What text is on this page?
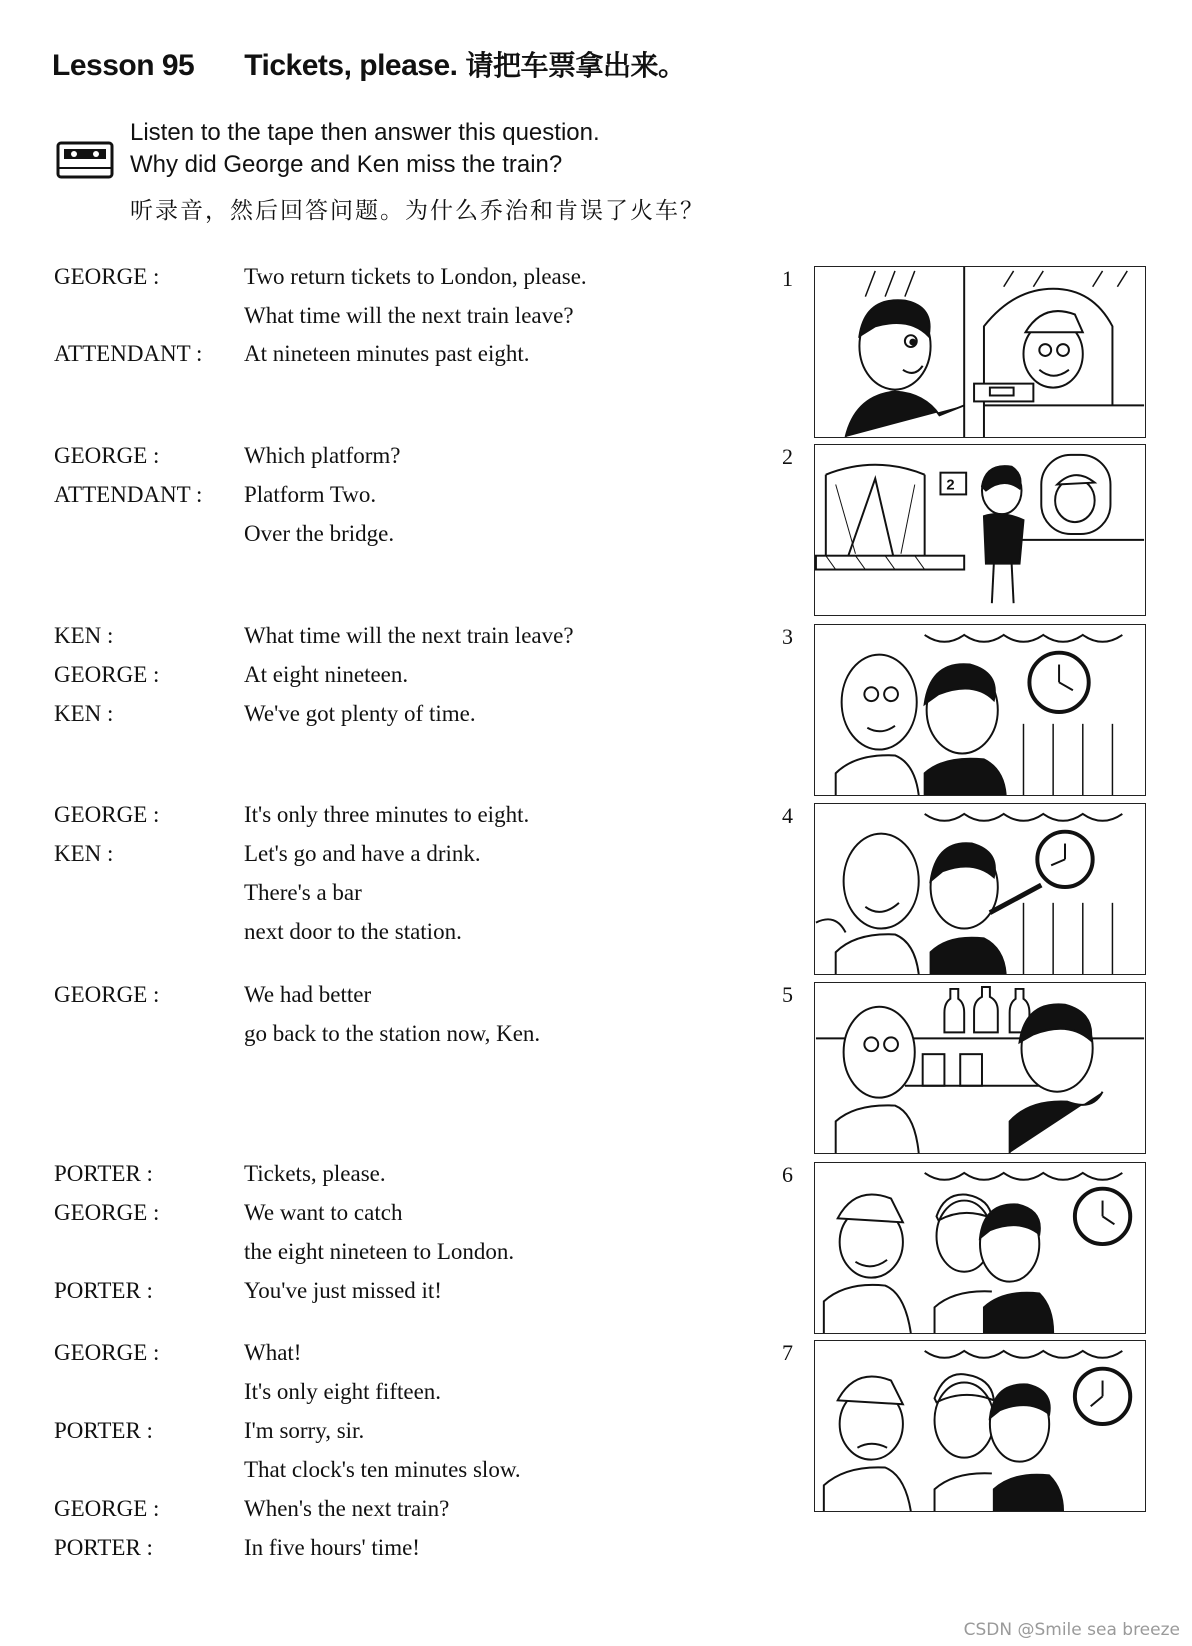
Lesson 95 Tickets, please. 请把车票拿出来。
Listen to the tape then answer this question.
Why did George and Ken miss the train?
听录音，然后回答问题。为什么乔治和肯误了火车？
GEORGE :	Two return tickets to London, please.
What time will the next train leave?
ATTENDANT : At nineteen minutes past eight.
GEORGE :	Which platform?
ATTENDANT : Platform Two.
Over the bridge.
KEN :	What time will the next train leave?
GEORGE :	At eight nineteen.
KEN :	We've got plenty of time.
GEORGE :	It's only three minutes to eight.
KEN :	Let's go and have a drink.
There's a bar
next door to the station.
GEORGE :	We had better
go back to the station now, Ken.
PORTER :	Tickets, please.
GEORGE :	We want to catch
the eight nineteen to London.
PORTER :	You've just missed it!
GEORGE :	What!
It's only eight fifteen.
PORTER :	I'm sorry, sir.
That clock's ten minutes slow.
GEORGE :	When's the next train?
PORTER :	In five hours' time!
1
2
3
4
5
6
7
2
CSDN @Smile sea breeze
